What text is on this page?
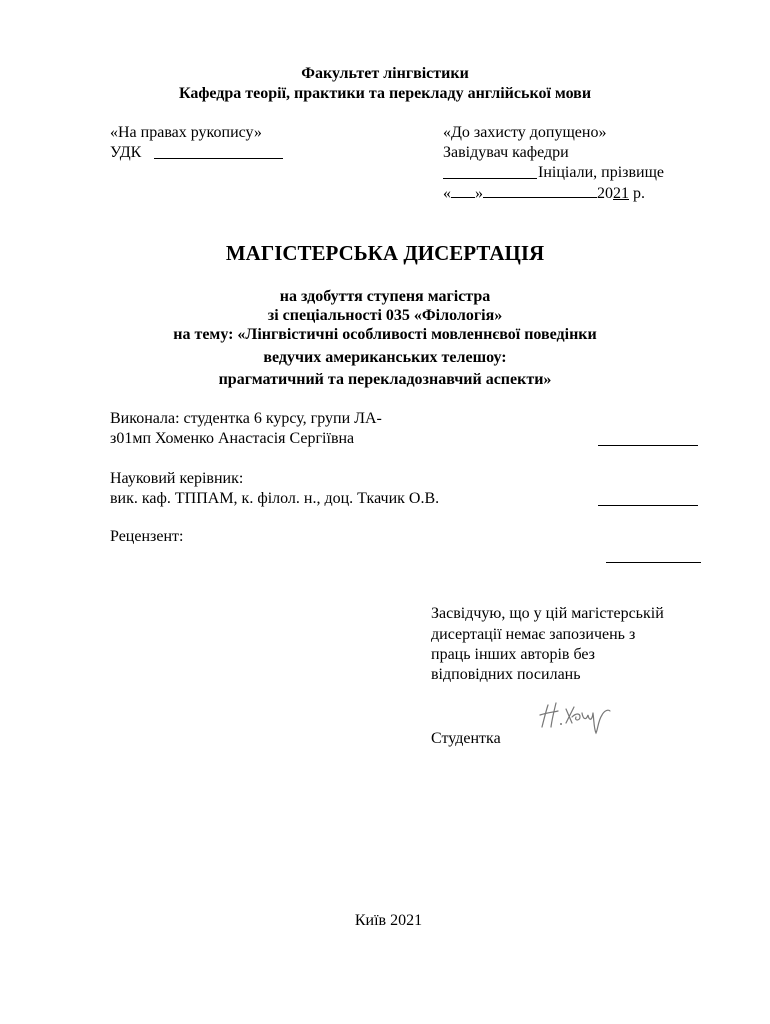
Факультет лінгвістики
Кафедра теорії, практики та перекладу англійської мови
«На правах рукопису»
УДК
«До захисту допущено»
Завідувач кафедри
Ініціали, прізвище
« »	2021 р.
МАГІСТЕРСЬКА ДИСЕРТАЦІЯ
на здобуття ступеня магістра
зі спеціальності 035 «Філологія»
на тему: «Лінгвістичні особливості мовленнєвої поведінки
ведучих американських телешоу:
прагматичний та перекладознавчий аспекти»
Виконала: студентка 6 курсу, групи ЛА-
з01мп Хоменко Анастасія Сергіївна
Науковий керівник:
вик. каф. ТППАМ, к. філол. н., доц. Ткачик О.В.
Рецензент:
Засвідчую, що у цій магістерській
дисертації немає запозичень з
праць інших авторів без
відповідних посилань
Студентка
Київ 2021
